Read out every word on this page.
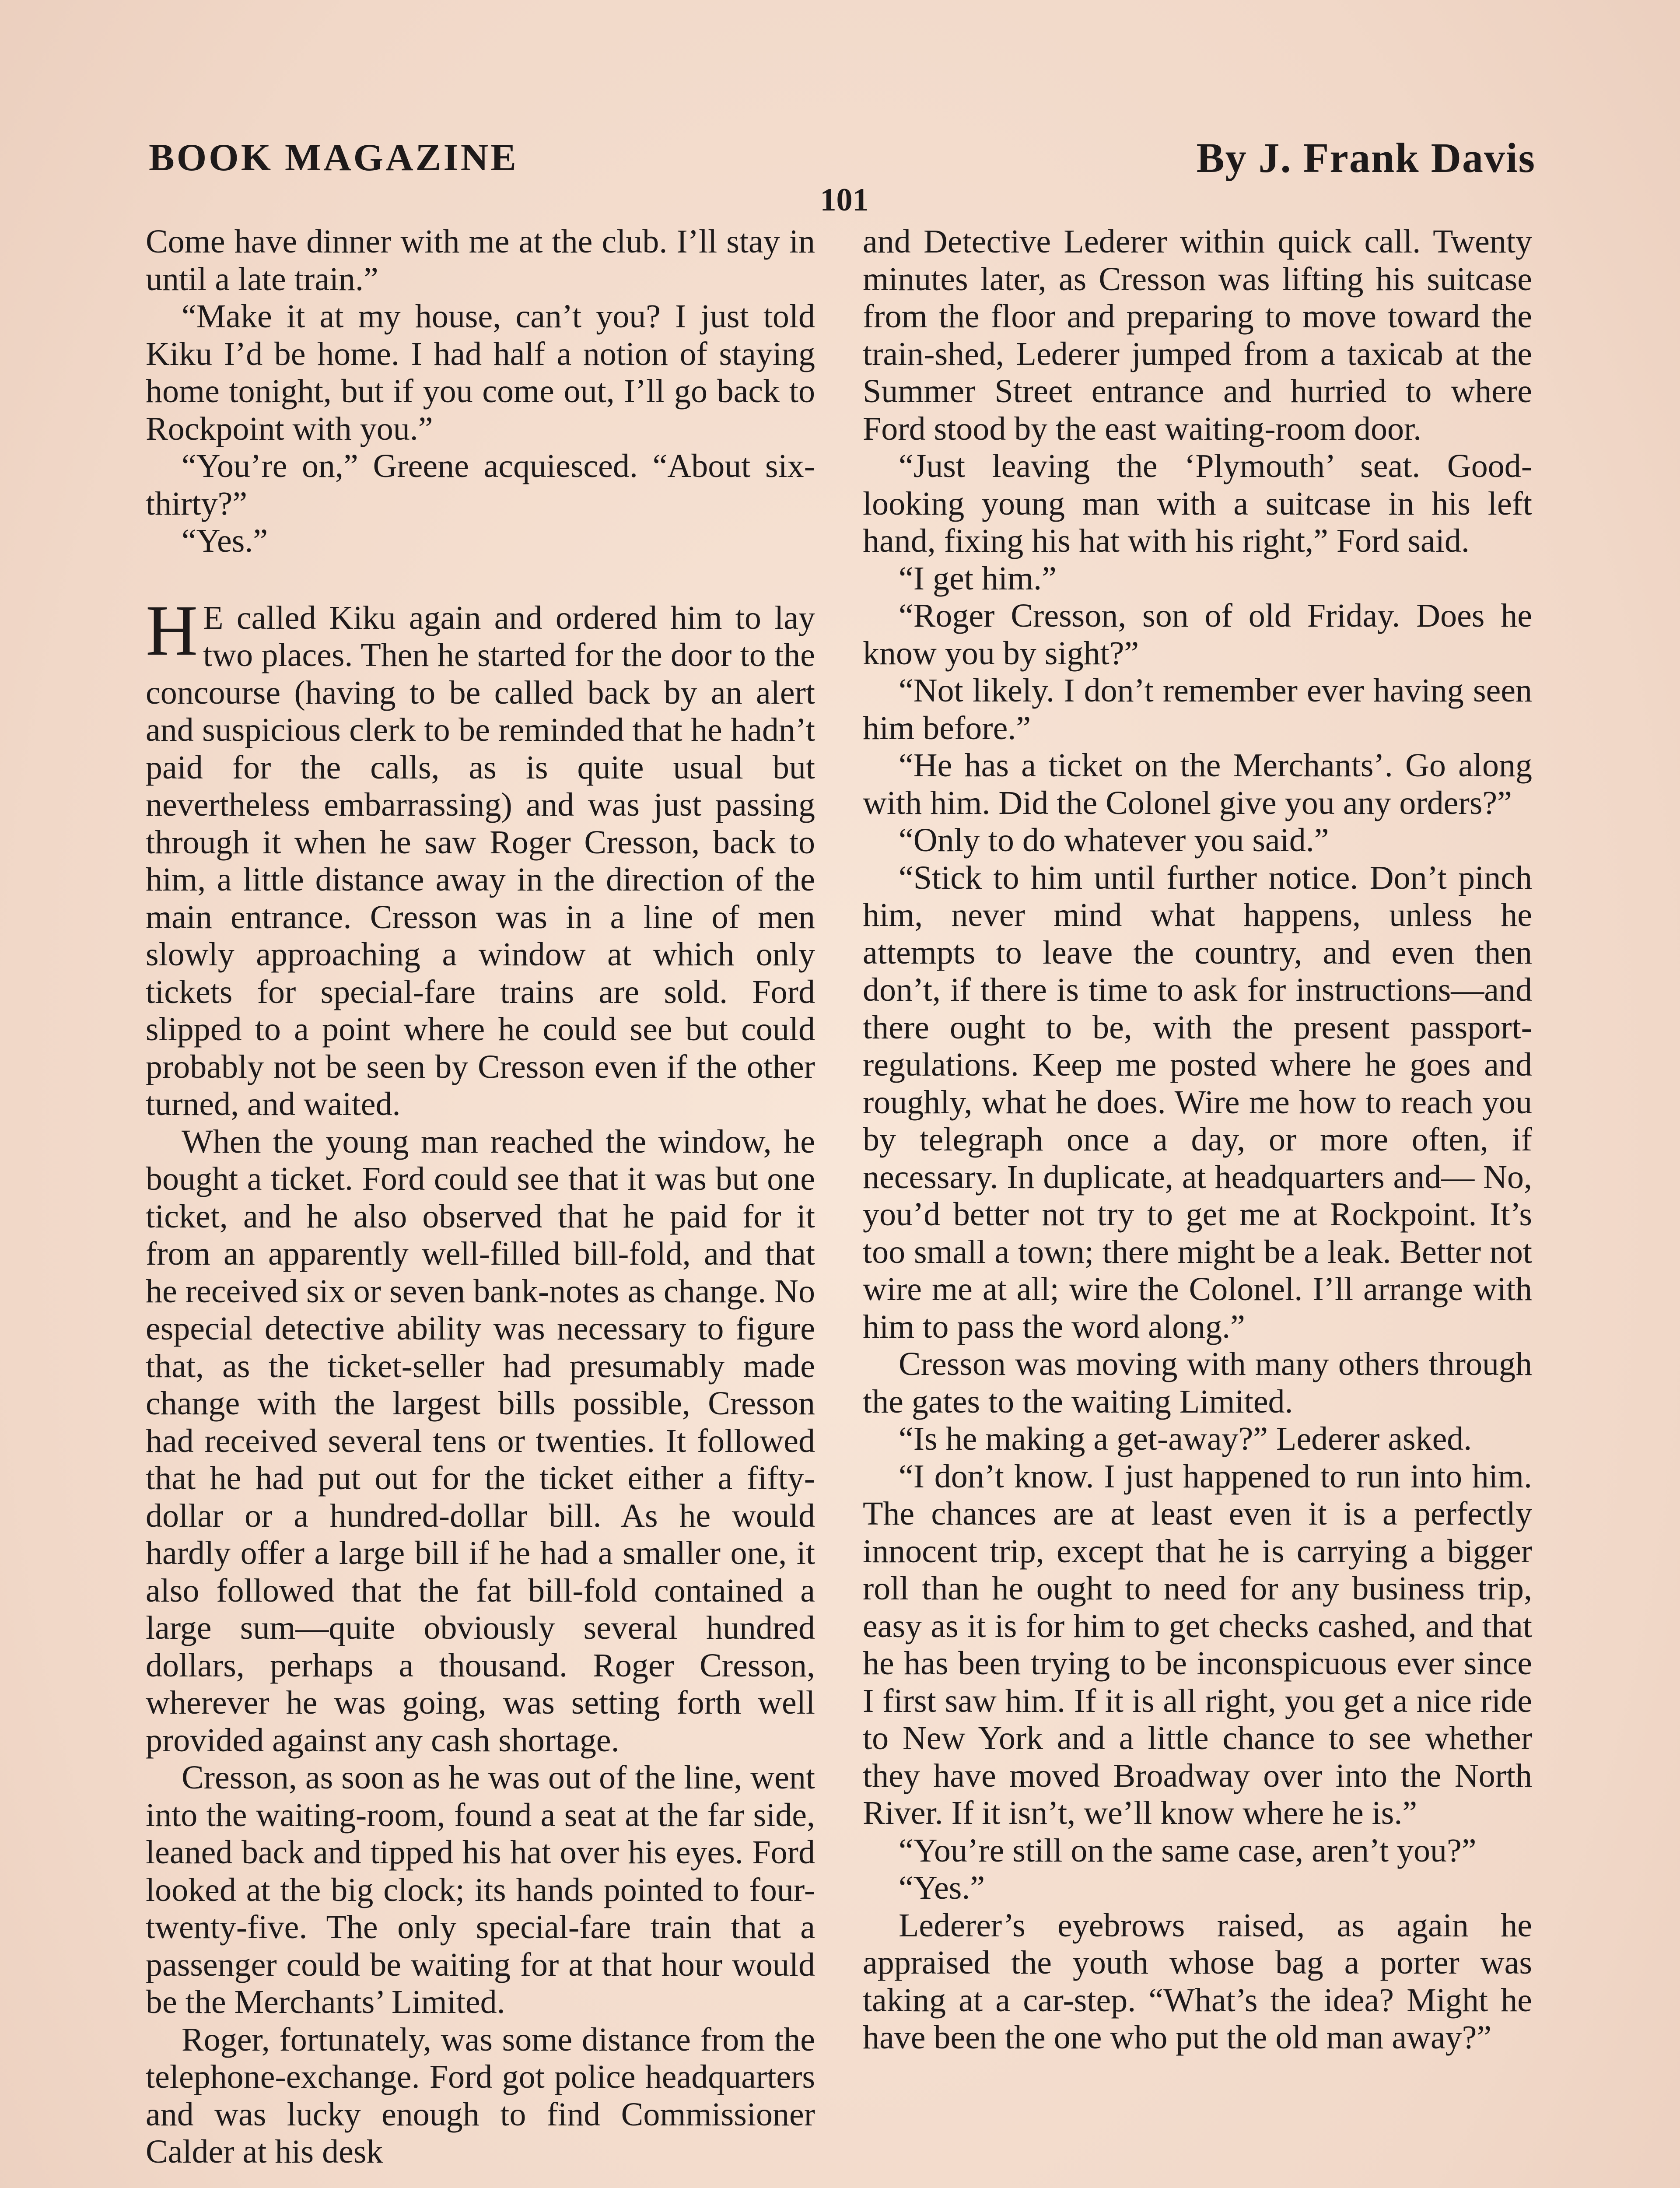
BOOK MAGAZINE	By J. Frank Davis
101

Come have dinner with me at the club. I’ll stay in until a late train.”

“Make it at my house, can’t you? I just told Kiku I’d be home. I had half a notion of staying home tonight, but if you come out, I’ll go back to Rockpoint with you.”

“You’re on,” Greene acquiesced. “About six-thirty?”

“Yes.”

H E called Kiku again and ordered him to lay two places. Then he started for the door to the concourse (having to be called back by an alert and suspicious clerk to be reminded that he hadn’t paid for the calls, as is quite usual but nevertheless embarrassing) and was just passing through it when he saw Roger Cresson, back to him, a little distance away in the direction of the main entrance. Cresson was in a line of men slowly approaching a window at which only tickets for special-fare trains are sold. Ford slipped to a point where he could see but could probably not be seen by Cresson even if the other turned, and waited.

When the young man reached the window, he bought a ticket. Ford could see that it was but one ticket, and he also observed that he paid for it from an apparently well-filled bill-fold, and that he received six or seven bank-notes as change. No especial detective ability was necessary to figure that, as the ticket-seller had presumably made change with the largest bills possible, Cresson had received several tens or twenties. It followed that he had put out for the ticket either a fifty-dollar or a hundred-dollar bill. As he would hardly offer a large bill if he had a smaller one, it also followed that the fat bill-fold contained a large sum—quite obviously several hundred dollars, perhaps a thousand. Roger Cresson, wherever he was going, was setting forth well provided against any cash shortage.

Cresson, as soon as he was out of the line, went into the waiting-room, found a seat at the far side, leaned back and tipped his hat over his eyes. Ford looked at the big clock; its hands pointed to four-twenty-five. The only special-fare train that a passenger could be waiting for at that hour would be the Merchants’ Limited.

Roger, fortunately, was some distance from the telephone-exchange. Ford got police headquarters and was lucky enough to find Commissioner Calder at his desk

and Detective Lederer within quick call. Twenty minutes later, as Cresson was lifting his suitcase from the floor and preparing to move toward the train-shed, Lederer jumped from a taxicab at the Summer Street entrance and hurried to where Ford stood by the east waiting-room door.

“Just leaving the ‘Plymouth’ seat. Good-looking young man with a suitcase in his left hand, fixing his hat with his right,” Ford said.

“I get him.”

“Roger Cresson, son of old Friday. Does he know you by sight?”

“Not likely. I don’t remember ever having seen him before.”

“He has a ticket on the Merchants’. Go along with him. Did the Colonel give you any orders?”

“Only to do whatever you said.”

“Stick to him until further notice. Don’t pinch him, never mind what happens, unless he attempts to leave the country, and even then don’t, if there is time to ask for instructions—and there ought to be, with the present passport-regulations. Keep me posted where he goes and roughly, what he does. Wire me how to reach you by telegraph once a day, or more often, if necessary. In duplicate, at headquarters and— No, you’d better not try to get me at Rockpoint. It’s too small a town; there might be a leak. Better not wire me at all; wire the Colonel. I’ll arrange with him to pass the word along.”

Cresson was moving with many others through the gates to the waiting Limited.

“Is he making a get-away?” Lederer asked.

“I don’t know. I just happened to run into him. The chances are at least even it is a perfectly innocent trip, except that he is carrying a bigger roll than he ought to need for any business trip, easy as it is for him to get checks cashed, and that he has been trying to be inconspicuous ever since I first saw him. If it is all right, you get a nice ride to New York and a little chance to see whether they have moved Broadway over into the North River. If it isn’t, we’ll know where he is.”

“You’re still on the same case, aren’t you?”

“Yes.”

Lederer’s eyebrows raised, as again he appraised the youth whose bag a porter was taking at a car-step. “What’s the idea? Might he have been the one who put the old man away?”
